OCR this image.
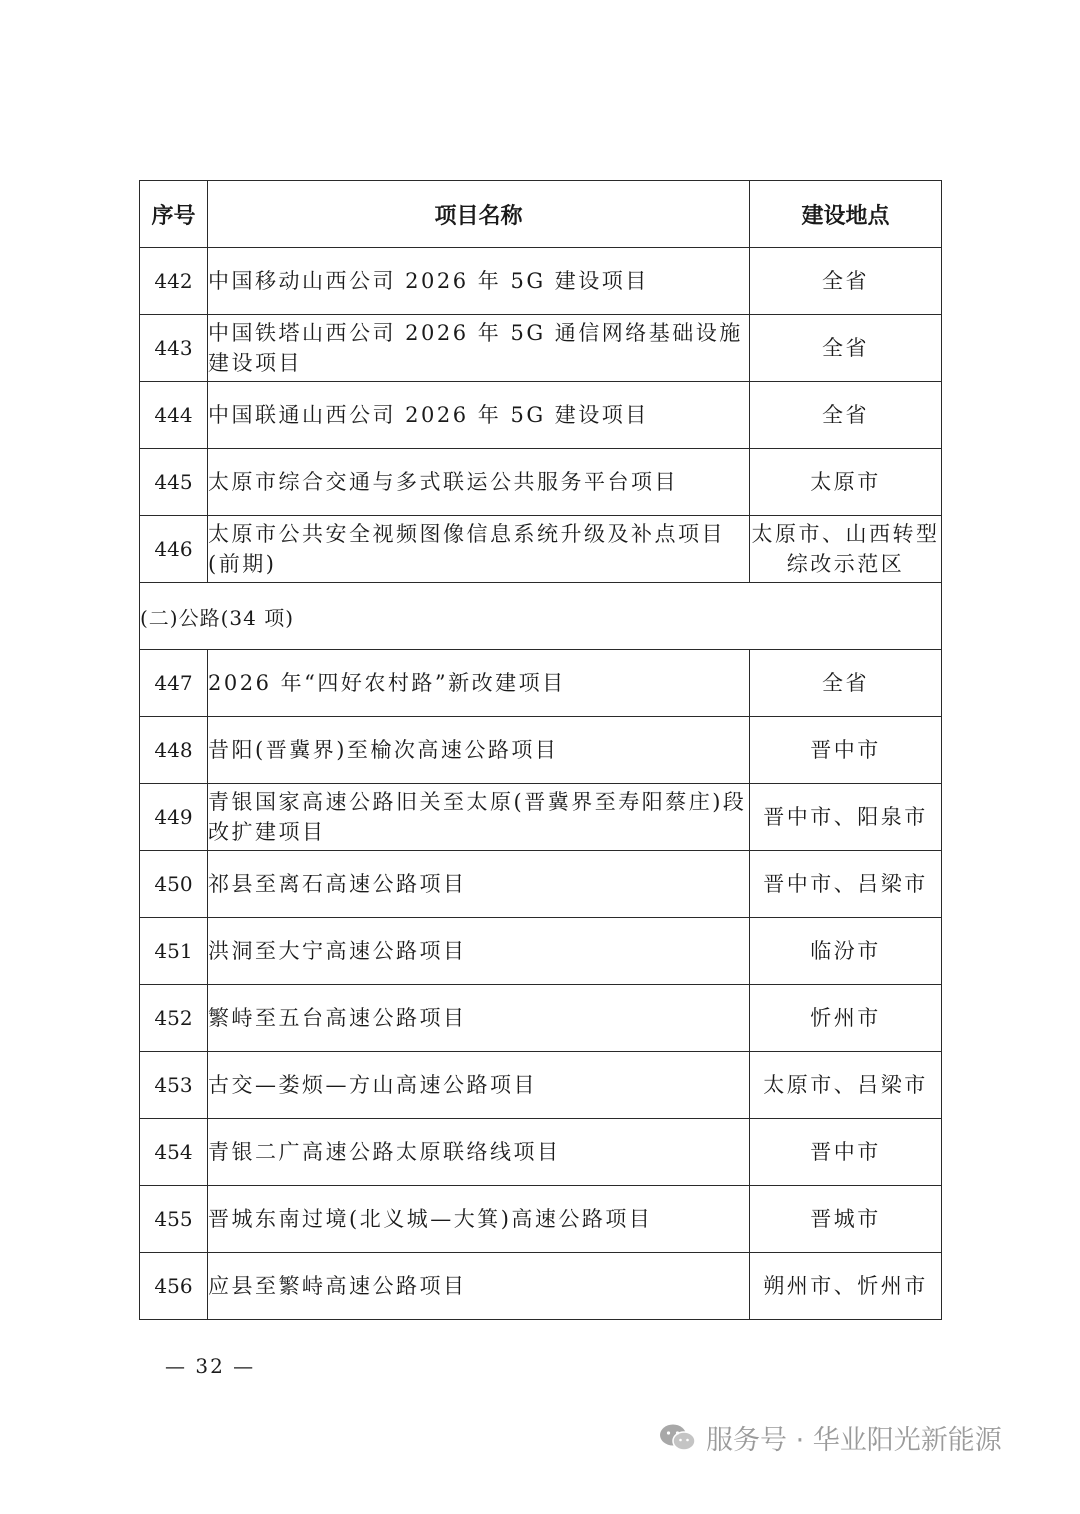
序号	项目名称	建设地点
442	中国移动山西公司 2026 年 5G 建设项目	全省
443	中国铁塔山西公司 2026 年 5G 通信网络基础设施建设项目	全省
444	中国联通山西公司 2026 年 5G 建设项目	全省
445	太原市综合交通与多式联运公共服务平台项目	太原市
446	太原市公共安全视频图像信息系统升级及补点项目(前期)	太原市、山西转型综改示范区
(二)公路(34 项)		
447	2026 年“四好农村路”新改建项目	全省
448	昔阳(晋冀界)至榆次高速公路项目	晋中市
449	青银国家高速公路旧关至太原(晋冀界至寿阳蔡庄)段改扩建项目	晋中市、阳泉市
450	祁县至离石高速公路项目	晋中市、吕梁市
451	洪洞至大宁高速公路项目	临汾市
452	繁峙至五台高速公路项目	忻州市
453	古交—娄烦—方山高速公路项目	太原市、吕梁市
454	青银二广高速公路太原联络线项目	晋中市
455	晋城东南过境(北义城—大箕)高速公路项目	晋城市
456	应县至繁峙高速公路项目	朔州市、忻州市
— 32 —
服务号 · 华业阳光新能源
